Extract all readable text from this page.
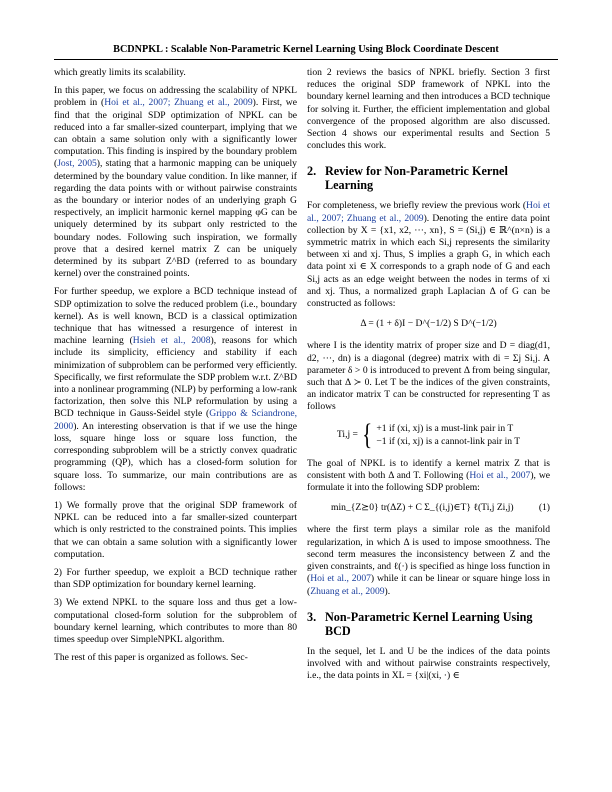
BCDNPKL : Scalable Non-Parametric Kernel Learning Using Block Coordinate Descent

which greatly limits its scalability.

In this paper, we focus on addressing the scalability of NPKL problem in (Hoi et al., 2007; Zhuang et al., 2009). First, we find that the original SDP optimization of NPKL can be reduced into a far smaller-sized counterpart, implying that we can obtain a same solution only with a significantly lower computation. This finding is inspired by the boundary problem (Jost, 2005), stating that a harmonic mapping can be uniquely determined by the boundary value condition. In like manner, if regarding the data points with or without pairwise constraints as the boundary or interior nodes of an underlying graph G respectively, an implicit harmonic kernel mapping φG can be uniquely determined by its subpart only restricted to the boundary nodes. Following such inspiration, we formally prove that a desired kernel matrix Z can be uniquely determined by its subpart Z^BD (referred to as boundary kernel) over the constrained points.

For further speedup, we explore a BCD technique instead of SDP optimization to solve the reduced problem (i.e., boundary kernel). As is well known, BCD is a classical optimization technique that has witnessed a resurgence of interest in machine learning (Hsieh et al., 2008), reasons for which include its simplicity, efficiency and stability if each minimization of subproblem can be performed very efficiently. Specifically, we first reformulate the SDP problem w.r.t. Z^BD into a nonlinear programming (NLP) by performing a low-rank factorization, then solve this NLP reformulation by using a BCD technique in Gauss-Seidel style (Grippo & Sciandrone, 2000). An interesting observation is that if we use the hinge loss, square hinge loss or square loss function, the corresponding subproblem will be a strictly convex quadratic programming (QP), which has a closed-form solution for square loss. To summarize, our main contributions are as follows:

1) We formally prove that the original SDP framework of NPKL can be reduced into a far smaller-sized counterpart which is only restricted to the constrained points. This implies that we can obtain a same solution with a significantly lower computation.

2) For further speedup, we exploit a BCD technique rather than SDP optimization for boundary kernel learning.

3) We extend NPKL to the square loss and thus get a low-computational closed-form solution for the subproblem of boundary kernel learning, which contributes to more than 80 times speedup over SimpleNPKL algorithm.

The rest of this paper is organized as follows. Sec-

tion 2 reviews the basics of NPKL briefly. Section 3 first reduces the original SDP framework of NPKL into the boundary kernel learning and then introduces a BCD technique for solving it. Further, the efficient implementation and global convergence of the proposed algorithm are also discussed. Section 4 shows our experimental results and Section 5 concludes this work.

2. Review for Non-Parametric Kernel Learning

For completeness, we briefly review the previous work (Hoi et al., 2007; Zhuang et al., 2009). Denoting the entire data point collection by X = {x1, x2, ···, xn}, S = (Si,j) ∈ ℝ^(n×n) is a symmetric matrix in which each Si,j represents the similarity between xi and xj. Thus, S implies a graph G, in which each data point xi ∈ X corresponds to a graph node of G and each Si,j acts as an edge weight between the nodes in terms of xi and xj. Thus, a normalized graph Laplacian Δ of G can be constructed as follows:

Δ = (1 + δ)I − D^(−1/2) S D^(−1/2)

where I is the identity matrix of proper size and D = diag(d1, d2, ···, dn) is a diagonal (degree) matrix with di = Σj Si,j. A parameter δ > 0 is introduced to prevent Δ from being singular, such that Δ ≻ 0. Let T be the indices of the given constraints, an indicator matrix T can be constructed for representing T as follows

Ti,j = { +1 if (xi, xj) is a must-link pair in T
−1 if (xi, xj) is a cannot-link pair in T

The goal of NPKL is to identify a kernel matrix Z that is consistent with both Δ and T. Following (Hoi et al., 2007), we formulate it into the following SDP problem:

min_{Z⪰0} tr(ΔZ) + C Σ_{(i,j)∈T} ℓ(Ti,j Zi,j)	(1)

where the first term plays a similar role as the manifold regularization, in which Δ is used to impose smoothness. The second term measures the inconsistency between Z and the given constraints, and ℓ(·) is specified as hinge loss function in (Hoi et al., 2007) while it can be linear or square hinge loss in (Zhuang et al., 2009).

3. Non-Parametric Kernel Learning Using BCD

In the sequel, let L and U be the indices of the data points involved with and without pairwise constraints respectively, i.e., the data points in XL = {xi|(xi, ·) ∈
